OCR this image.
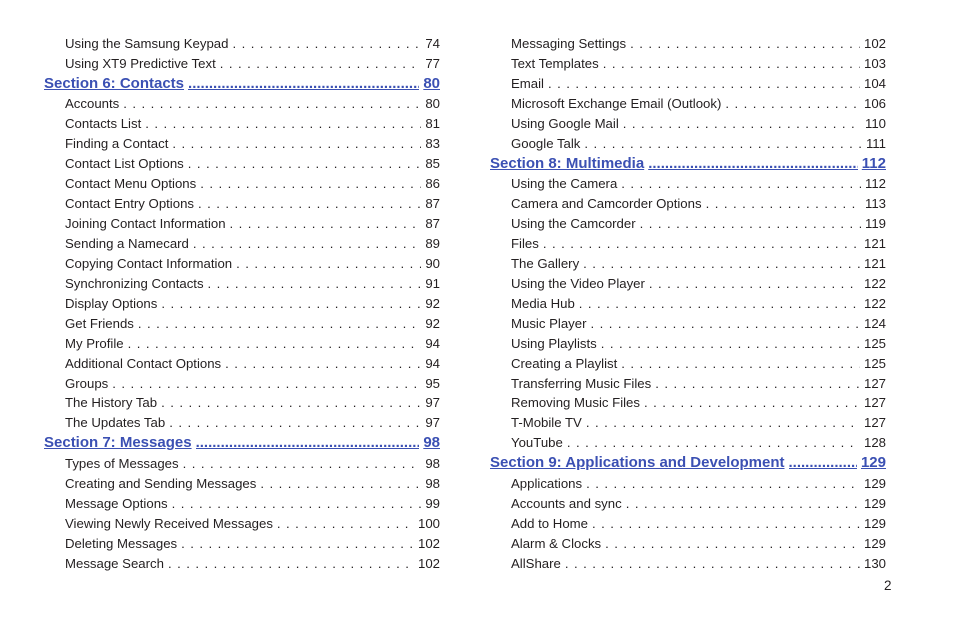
Using the Samsung Keypad . . .	74
Using XT9 Predictive Text . . .	77
Section 6: Contacts .....	80
Accounts . . .	80
Contacts List . . .	81
Finding a Contact . . .	83
Contact List Options . . .	85
Contact Menu Options . . .	86
Contact Entry Options . . .	87
Joining Contact Information . . .	87
Sending a Namecard . . .	89
Copying Contact Information . . .	90
Synchronizing Contacts . . .	91
Display Options . . .	92
Get Friends . . .	92
My Profile . . .	94
Additional Contact Options . . .	94
Groups . . .	95
The History Tab . . .	97
The Updates Tab . . .	97
Section 7: Messages .....	98
Types of Messages . . .	98
Creating and Sending Messages . . .	98
Message Options . . .	99
Viewing Newly Received Messages . . .	100
Deleting Messages . . .	102
Message Search . . .	102
Messaging Settings . . .	102
Text Templates . . .	103
Email . . .	104
Microsoft Exchange Email (Outlook) . . .	106
Using Google Mail . . .	110
Google Talk . . .	111
Section 8: Multimedia .....	112
Using the Camera . . .	112
Camera and Camcorder Options . . .	113
Using the Camcorder . . .	119
Files . . .	121
The Gallery . . .	121
Using the Video Player . . .	122
Media Hub . . .	122
Music Player . . .	124
Using Playlists . . .	125
Creating a Playlist . . .	125
Transferring Music Files . . .	127
Removing Music Files . . .	127
T-Mobile TV . . .	127
YouTube . . .	128
Section 9: Applications and Development .....	129
Applications . . .	129
Accounts and sync . . .	129
Add to Home . . .	129
Alarm & Clocks . . .	129
AllShare . . .	130
2
